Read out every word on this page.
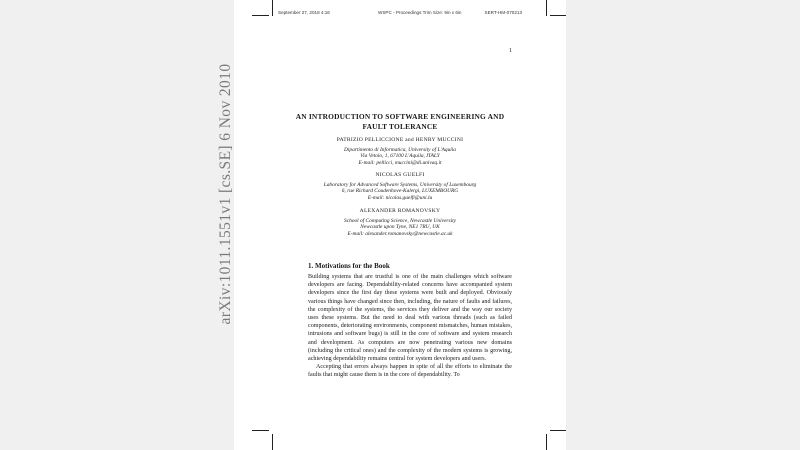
arXiv:1011.1551v1 [cs.SE] 6 Nov 2010
September 27, 2018 4:16	WSPC - Proceedings Trim Size: 9in x 6in	SERT-HM-070213
1
AN INTRODUCTION TO SOFTWARE ENGINEERING AND
FAULT TOLERANCE
PATRIZIO PELLICCIONE and HENRY MUCCINI
Dipartimento di Informatica, University of L'Aquila
Via Vetoio, 1, 67100 L'Aquila, ITALY
E-mail: pellicci, muccini@di.univaq.it
NICOLAS GUELFI
Laboratory for Advanced Software Systems, University of Luxembourg
6, rue Richard Coudenhove-Kalergi, LUXEMBOURG
E-mail: nicolas.guelfi@uni.lu
ALEXANDER ROMANOVSKY
School of Computing Science, Newcastle University
Newcastle upon Tyne, NE1 7RU, UK
E-mail: alexander.romanovsky@newcastle.ac.uk
1. Motivations for the Book

Building systems that are trustful is one of the main challenges which software developers are facing. Dependability-related concerns have accompanied system developers since the first day these systems were built and deployed. Obviously various things have changed since then, including, the nature of faults and failures, the complexity of the systems, the services they deliver and the way our society uses these systems. But the need to deal with various threads (such as failed components, deteriorating environments, component mismatches, human mistakes, intrusions and software bugs) is still in the core of software and system research and development. As computers are now penetrating various new domains (including the critical ones) and the complexity of the modern systems is growing, achieving dependability remains central for system developers and users.

Accepting that errors always happen in spite of all the efforts to eliminate the faults that might cause them is in the core of dependability. To
